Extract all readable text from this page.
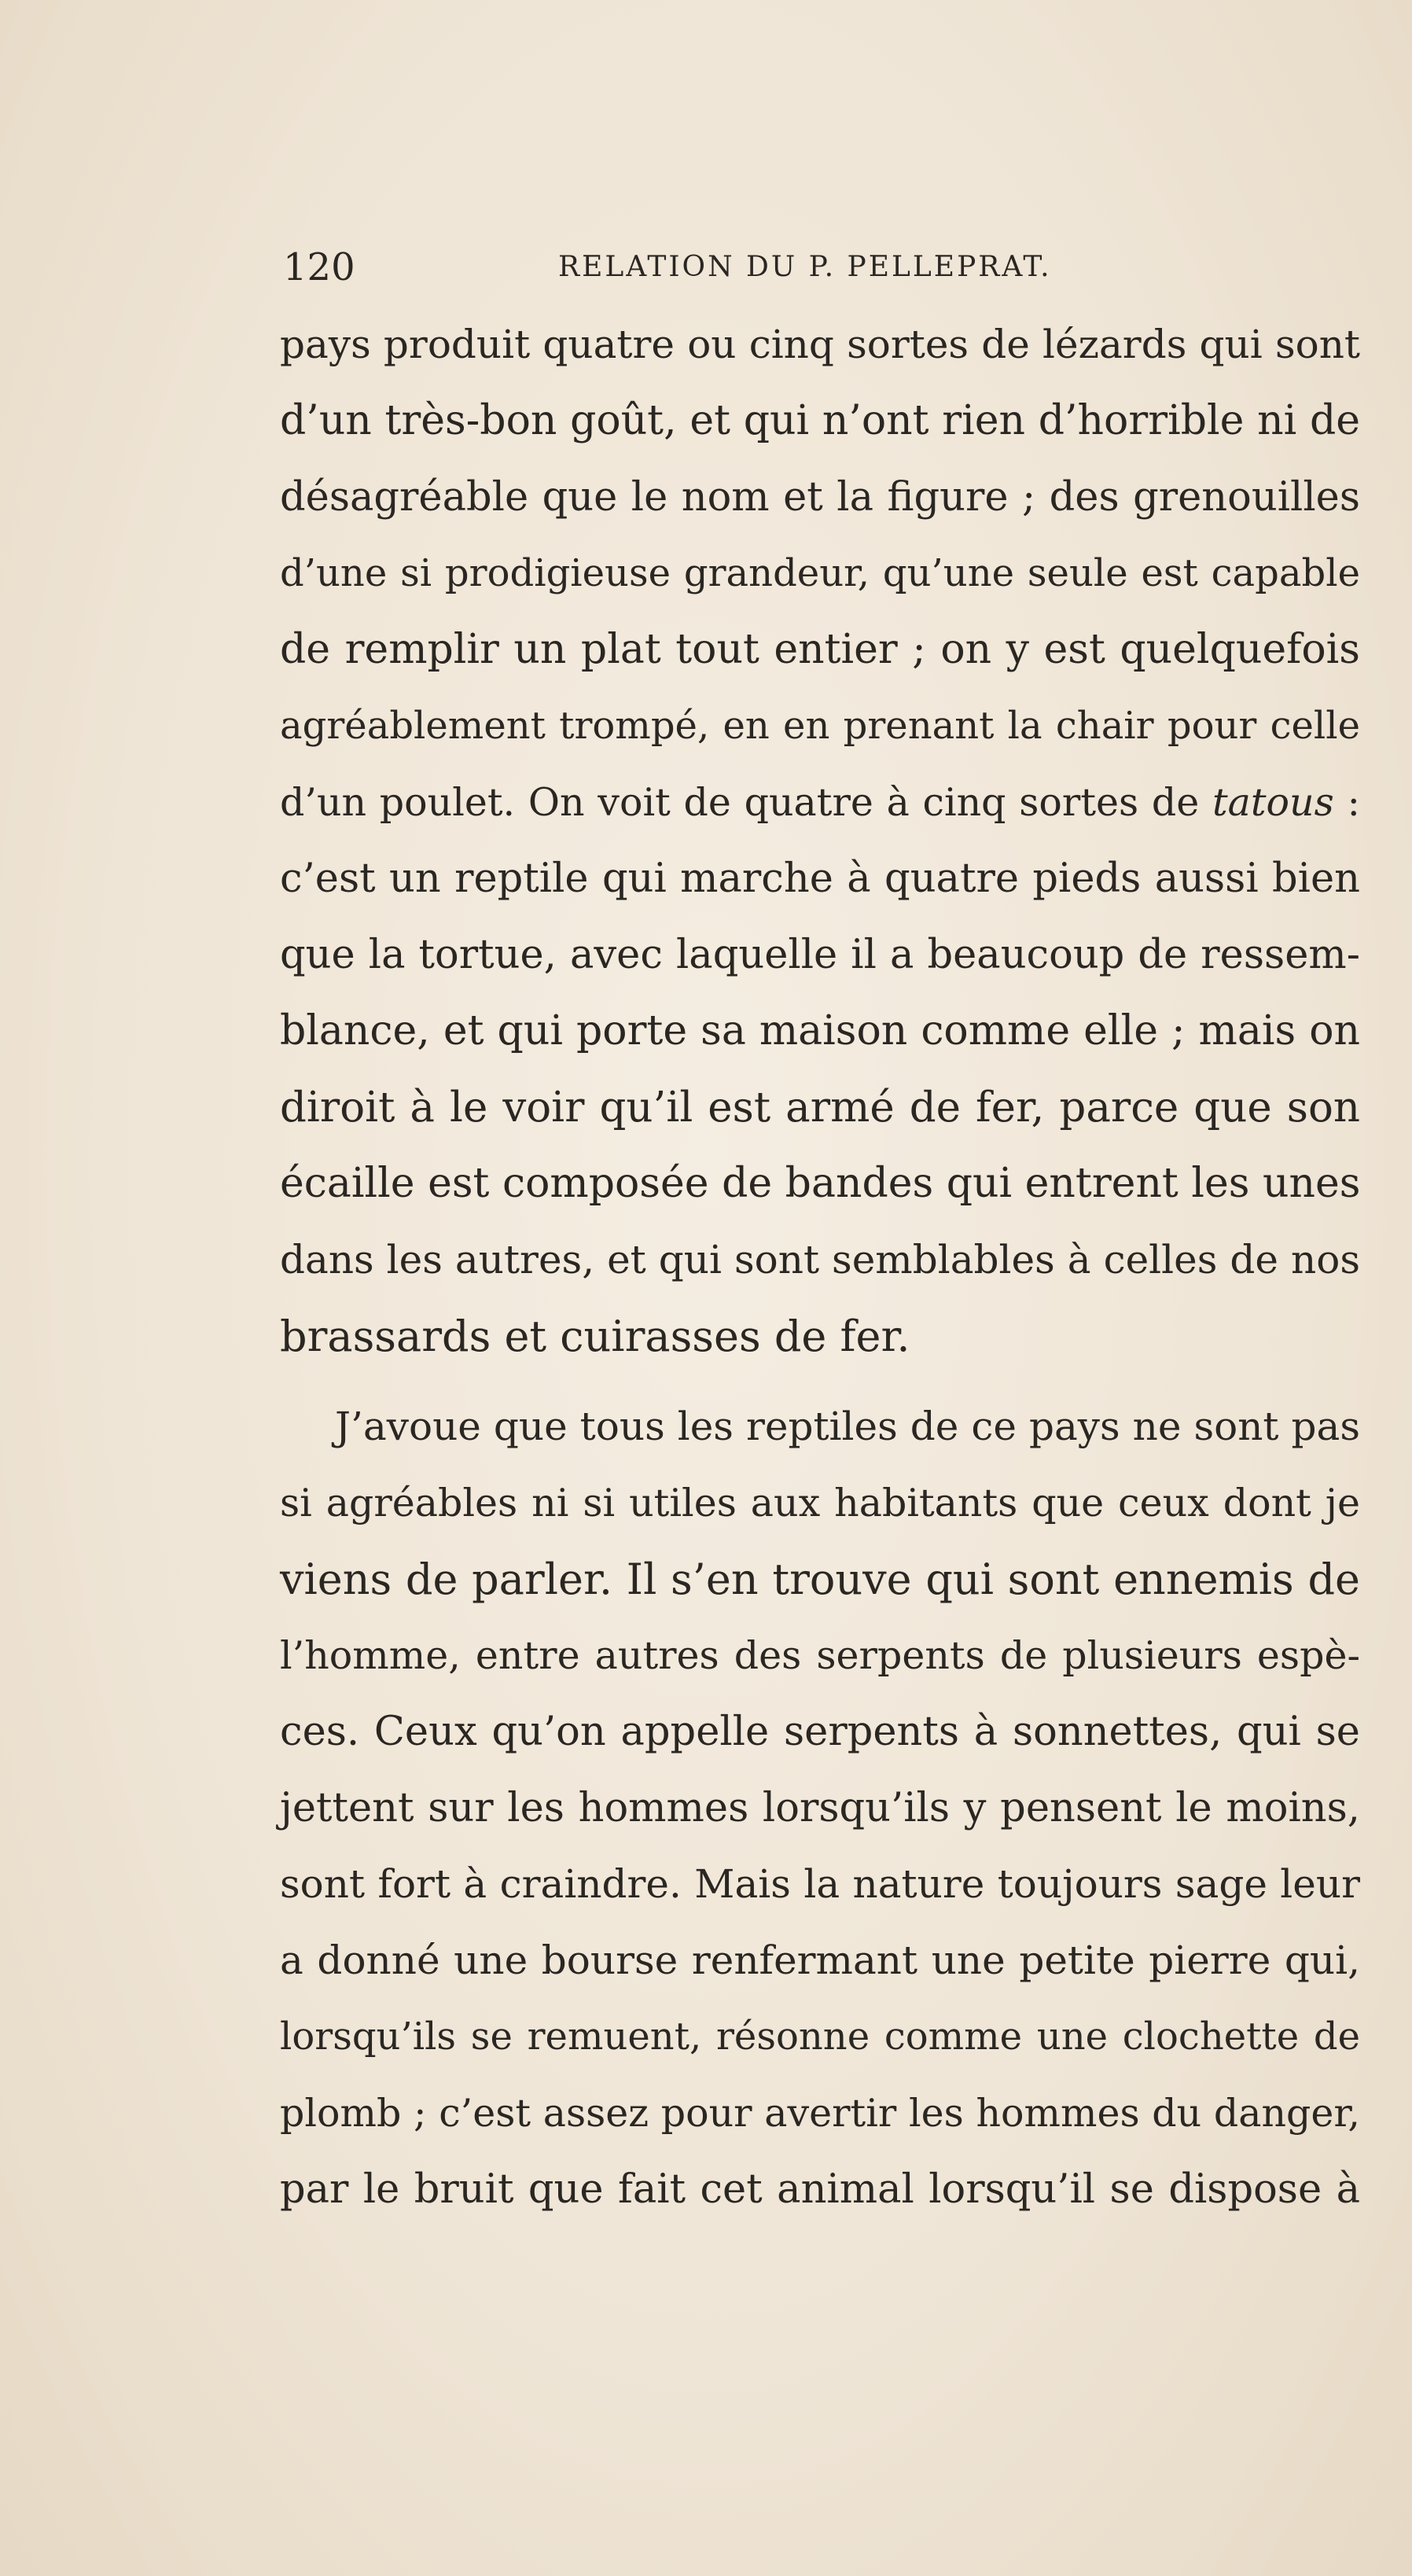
120	RELATION DU P. PELLEPRAT.
pays produit quatre ou cinq sortes de lézards qui sont
d’un très-bon goût, et qui n’ont rien d’horrible ni de
désagréable que le nom et la figure ; des grenouilles
d’une si prodigieuse grandeur, qu’une seule est capable
de remplir un plat tout entier ; on y est quelquefois
agréablement trompé, en en prenant la chair pour celle
d’un poulet. On voit de quatre à cinq sortes de tatous :
c’est un reptile qui marche à quatre pieds aussi bien
que la tortue, avec laquelle il a beaucoup de ressem-
blance, et qui porte sa maison comme elle ; mais on
diroit à le voir qu’il est armé de fer, parce que son
écaille est composée de bandes qui entrent les unes
dans les autres, et qui sont semblables à celles de nos
brassards et cuirasses de fer.
J’avoue que tous les reptiles de ce pays ne sont pas
si agréables ni si utiles aux habitants que ceux dont je
viens de parler. Il s’en trouve qui sont ennemis de
l’homme, entre autres des serpents de plusieurs espè-
ces. Ceux qu’on appelle serpents à sonnettes, qui se
jettent sur les hommes lorsqu’ils y pensent le moins,
sont fort à craindre. Mais la nature toujours sage leur
a donné une bourse renfermant une petite pierre qui,
lorsqu’ils se remuent, résonne comme une clochette de
plomb ; c’est assez pour avertir les hommes du danger,
par le bruit que fait cet animal lorsqu’il se dispose à
